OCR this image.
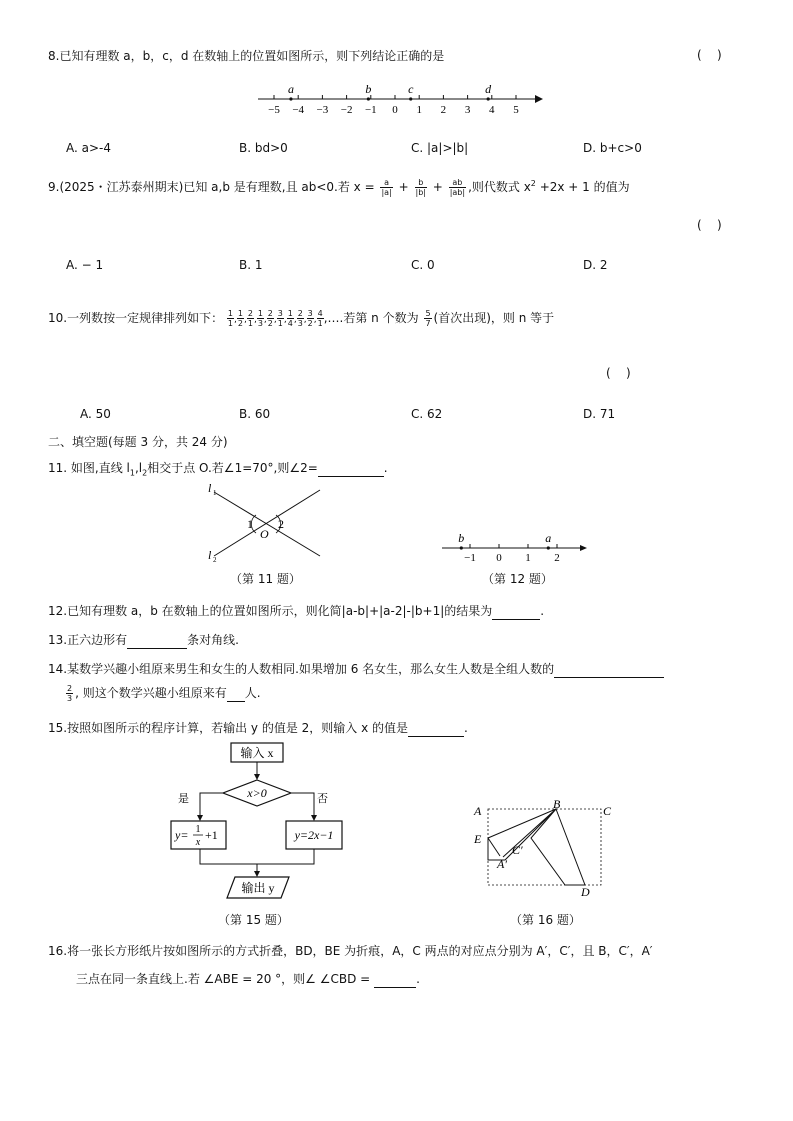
8.已知有理数 a，b，c，d 在数轴上的位置如图所示，则下列结论正确的是	(    )
−5 −4 −3 −2 −1 0 1 2 3 4 5
a	b	c	d
A. a>-4	B. bd>0	C. |a|>|b|	D. b+c>0
9.(2025・江苏泰州期末)已知 a,b 是有理数,且 ab<0.若 $x = \frac{a}{|a|} + \frac{b}{|b|} + \frac{ab}{|ab|}$ ,则代数式 $x^2 +2x + 1$ 的值为
(    )
A. − 1	B. 1	C. 0	D. 2
10.一列数按一定规律排列如下： $\frac{1}{1}$ , $\frac{1}{2}$ , $\frac{2}{1}$ , $\frac{1}{3}$ , $\frac{2}{2}$ , $\frac{3}{1}$ , $\frac{1}{4}$ , $\frac{2}{3}$ , $\frac{3}{2}$ , $\frac{4}{1}$ ,….若第 n 个数为 $\frac{5}{7}$ (首次出现)，则 n 等于
(    )
A. 50	B. 60	C. 62	D. 71
二、填空题(每题 3 分，共 24 分)
11. 如图,直线 $l_1,l_2$相交于点 O.若∠1=70°,则∠2=	.
l 1
l 2
1 2
O
（第 11 题）
−1 0 1 2
b	a
（第 12 题）
12.已知有理数 a，b 在数轴上的位置如图所示，则化简|a-b|+|a-2|-|b+1|的结果为	.
13.正六边形有	条对角线.
14.某数学兴趣小组原来男生和女生的人数相同.如果增加 6 名女生，那么女生人数是全组人数的
$\frac{2}{3}$ , 则这个数学兴趣小组原来有 人.
15.按照如图所示的程序计算，若输出 y 的值是 2，则输入 x 的值是	.
输入 x
x>0
是	否
y= 1
x
+1	y=2x−1
输出 y
（第 15 题）
A	B	C
E
C′
A′
D
（第 16 题）
16.将一张长方形纸片按如图所示的方式折叠，BD，BE 为折痕，A，C 两点的对应点分别为 A′，C′，且 B，C′，A′
三点在同一条直线上.若 ∠ABE = 20 °，则∠ ∠CBD =	.
